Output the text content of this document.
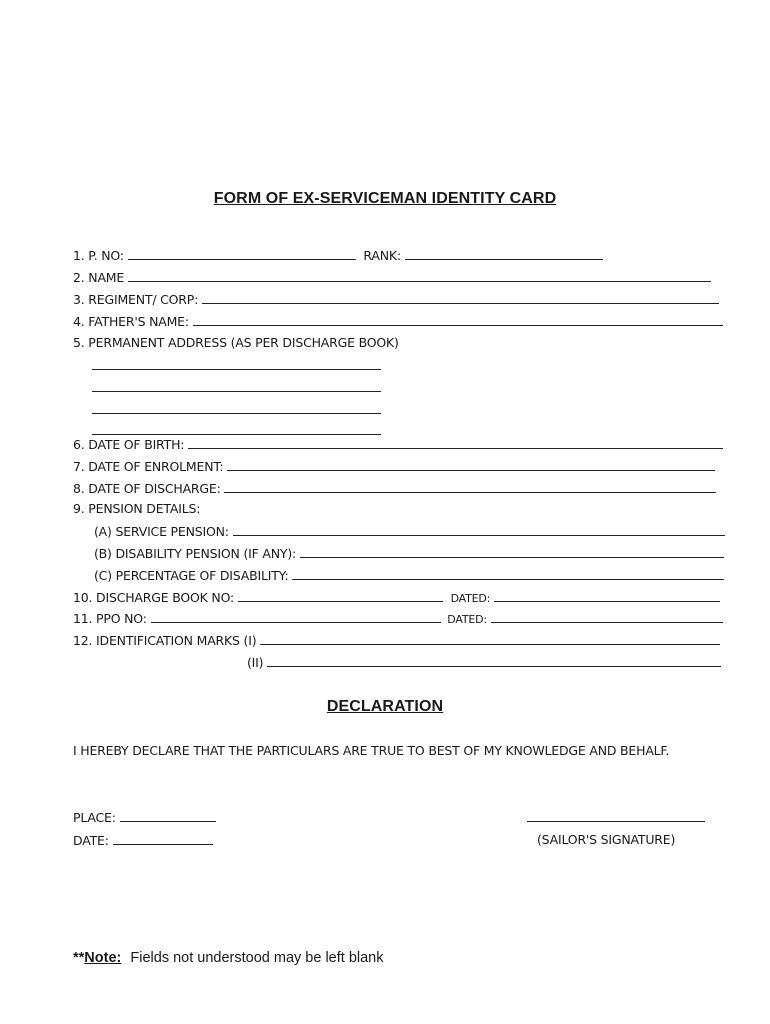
FORM OF EX-SERVICEMAN IDENTITY CARD
1. P. NO:	RANK:
2. NAME
3. REGIMENT/ CORP:
4. FATHER'S NAME:
5. PERMANENT ADDRESS (AS PER DISCHARGE BOOK)
6. DATE OF BIRTH:
7. DATE OF ENROLMENT:
8. DATE OF DISCHARGE:
9. PENSION DETAILS:
(A) SERVICE PENSION:
(B) DISABILITY PENSION (IF ANY):
(C) PERCENTAGE OF DISABILITY:
10. DISCHARGE BOOK NO:	DATED:
11. PPO NO:	DATED:
12. IDENTIFICATION MARKS (I)
(II)
DECLARATION
I HEREBY DECLARE THAT THE PARTICULARS ARE TRUE TO BEST OF MY KNOWLEDGE AND BEHALF.
PLACE:
DATE:	(SAILOR'S SIGNATURE)
**Note: Fields not understood may be left blank
